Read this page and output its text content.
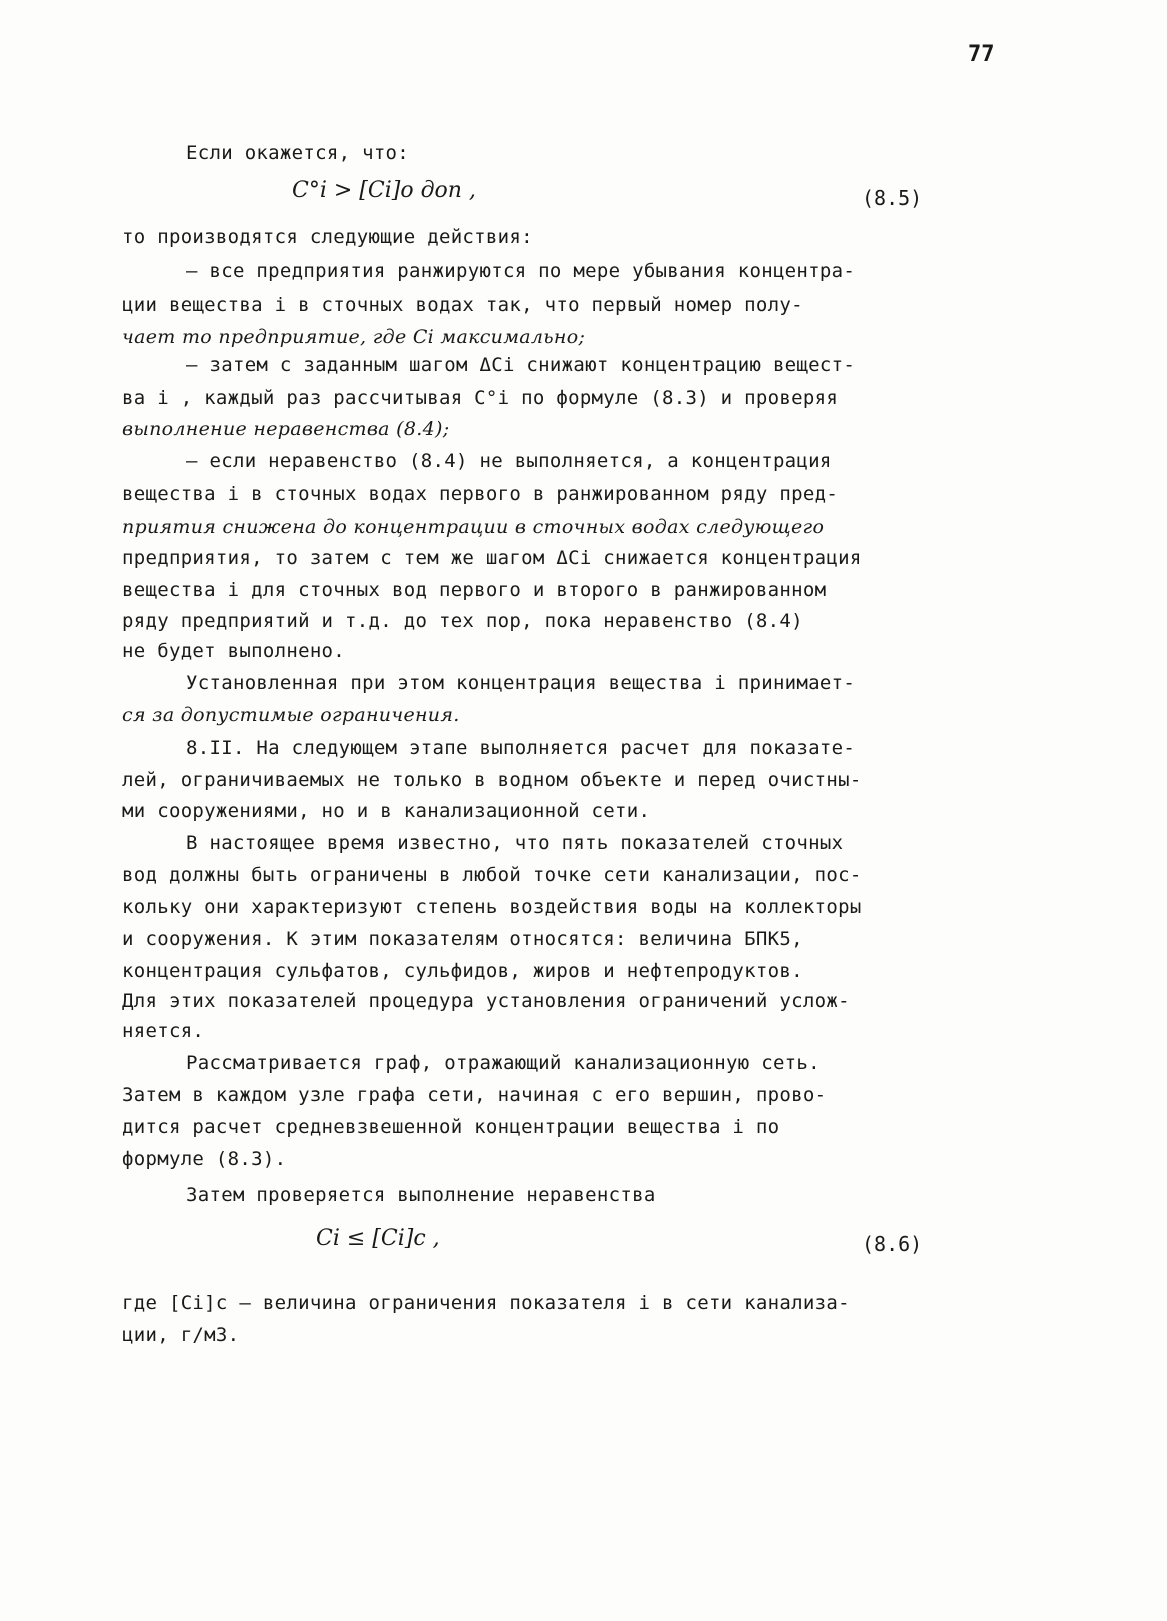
77
Если окажется, что:
C°i > [Ci]о доп ,	(8.5)
то производятся следующие действия:
– все предприятия ранжируются по мере убывания концентра-
ции вещества i в сточных водах так, что первый номер полу-
чает то предприятие, где Ci максимально;
– затем с заданным шагом ΔCi снижают концентрацию вещест-
ва i , каждый раз рассчитывая C°i по формуле (8.3) и проверяя
выполнение неравенства (8.4);
– если неравенство (8.4) не выполняется, а концентрация
вещества i в сточных водах первого в ранжированном ряду пред-
приятия снижена до концентрации в сточных водах следующего
предприятия, то затем с тем же шагом ΔCi снижается концентрация
вещества i для сточных вод первого и второго в ранжированном
ряду предприятий и т.д. до тех пор, пока неравенство (8.4)
не будет выполнено.
Установленная при этом концентрация вещества i принимает-
ся за допустимые ограничения.
8.II. На следующем этапе выполняется расчет для показате-
лей, ограничиваемых не только в водном объекте и перед очистны-
ми сооружениями, но и в канализационной сети.
В настоящее время известно, что пять показателей сточных
вод должны быть ограничены в любой точке сети канализации, пос-
кольку они характеризуют степень воздействия воды на коллекторы
и сооружения. К этим показателям относятся: величина БПК5,
концентрация сульфатов, сульфидов, жиров и нефтепродуктов.
Для этих показателей процедура установления ограничений услож-
няется.
Рассматривается граф, отражающий канализационную сеть.
Затем в каждом узле графа сети, начиная с его вершин, прово-
дится расчет средневзвешенной концентрации вещества i по
формуле (8.3).
Затем проверяется выполнение неравенства
Ci ≤ [Ci]c ,	(8.6)
где [Ci]c – величина ограничения показателя i в сети канализа-
ции, г/м3.
